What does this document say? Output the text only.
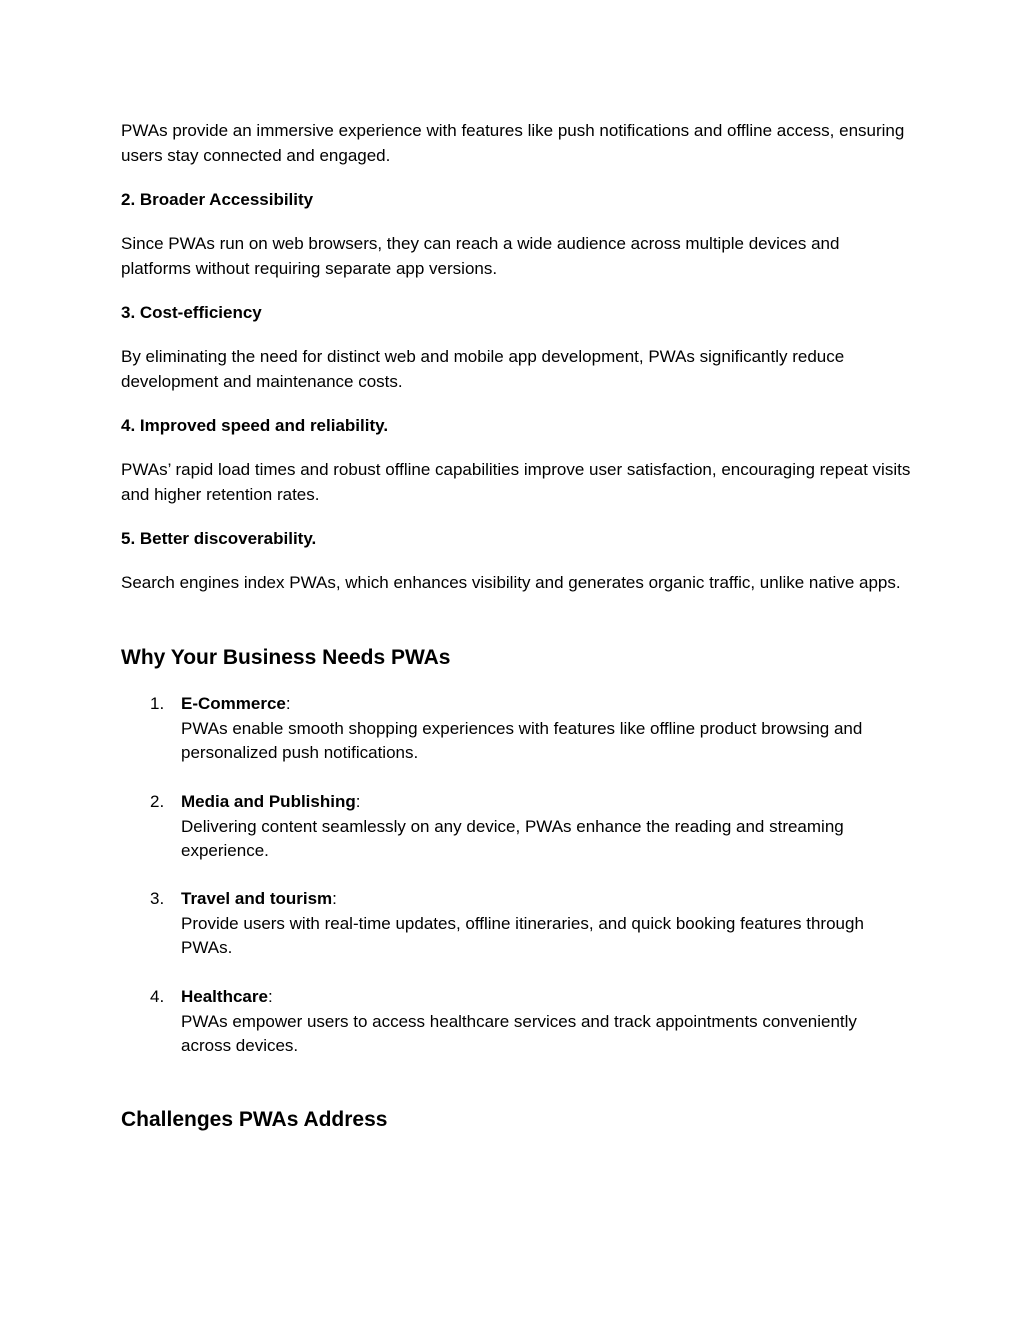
PWAs provide an immersive experience with features like push notifications and offline access, ensuring users stay connected and engaged.

2. Broader Accessibility

Since PWAs run on web browsers, they can reach a wide audience across multiple devices and platforms without requiring separate app versions.

3. Cost-efficiency

By eliminating the need for distinct web and mobile app development, PWAs significantly reduce development and maintenance costs.

4. Improved speed and reliability.

PWAs’ rapid load times and robust offline capabilities improve user satisfaction, encouraging repeat visits and higher retention rates.

5. Better discoverability.

Search engines index PWAs, which enhances visibility and generates organic traffic, unlike native apps.

Why Your Business Needs PWAs
1. E-Commerce:
PWAs enable smooth shopping experiences with features like offline product browsing and personalized push notifications.
2. Media and Publishing:
Delivering content seamlessly on any device, PWAs enhance the reading and streaming experience.
3. Travel and tourism:
Provide users with real-time updates, offline itineraries, and quick booking features through PWAs.
4. Healthcare:
PWAs empower users to access healthcare services and track appointments conveniently across devices.
Challenges PWAs Address
